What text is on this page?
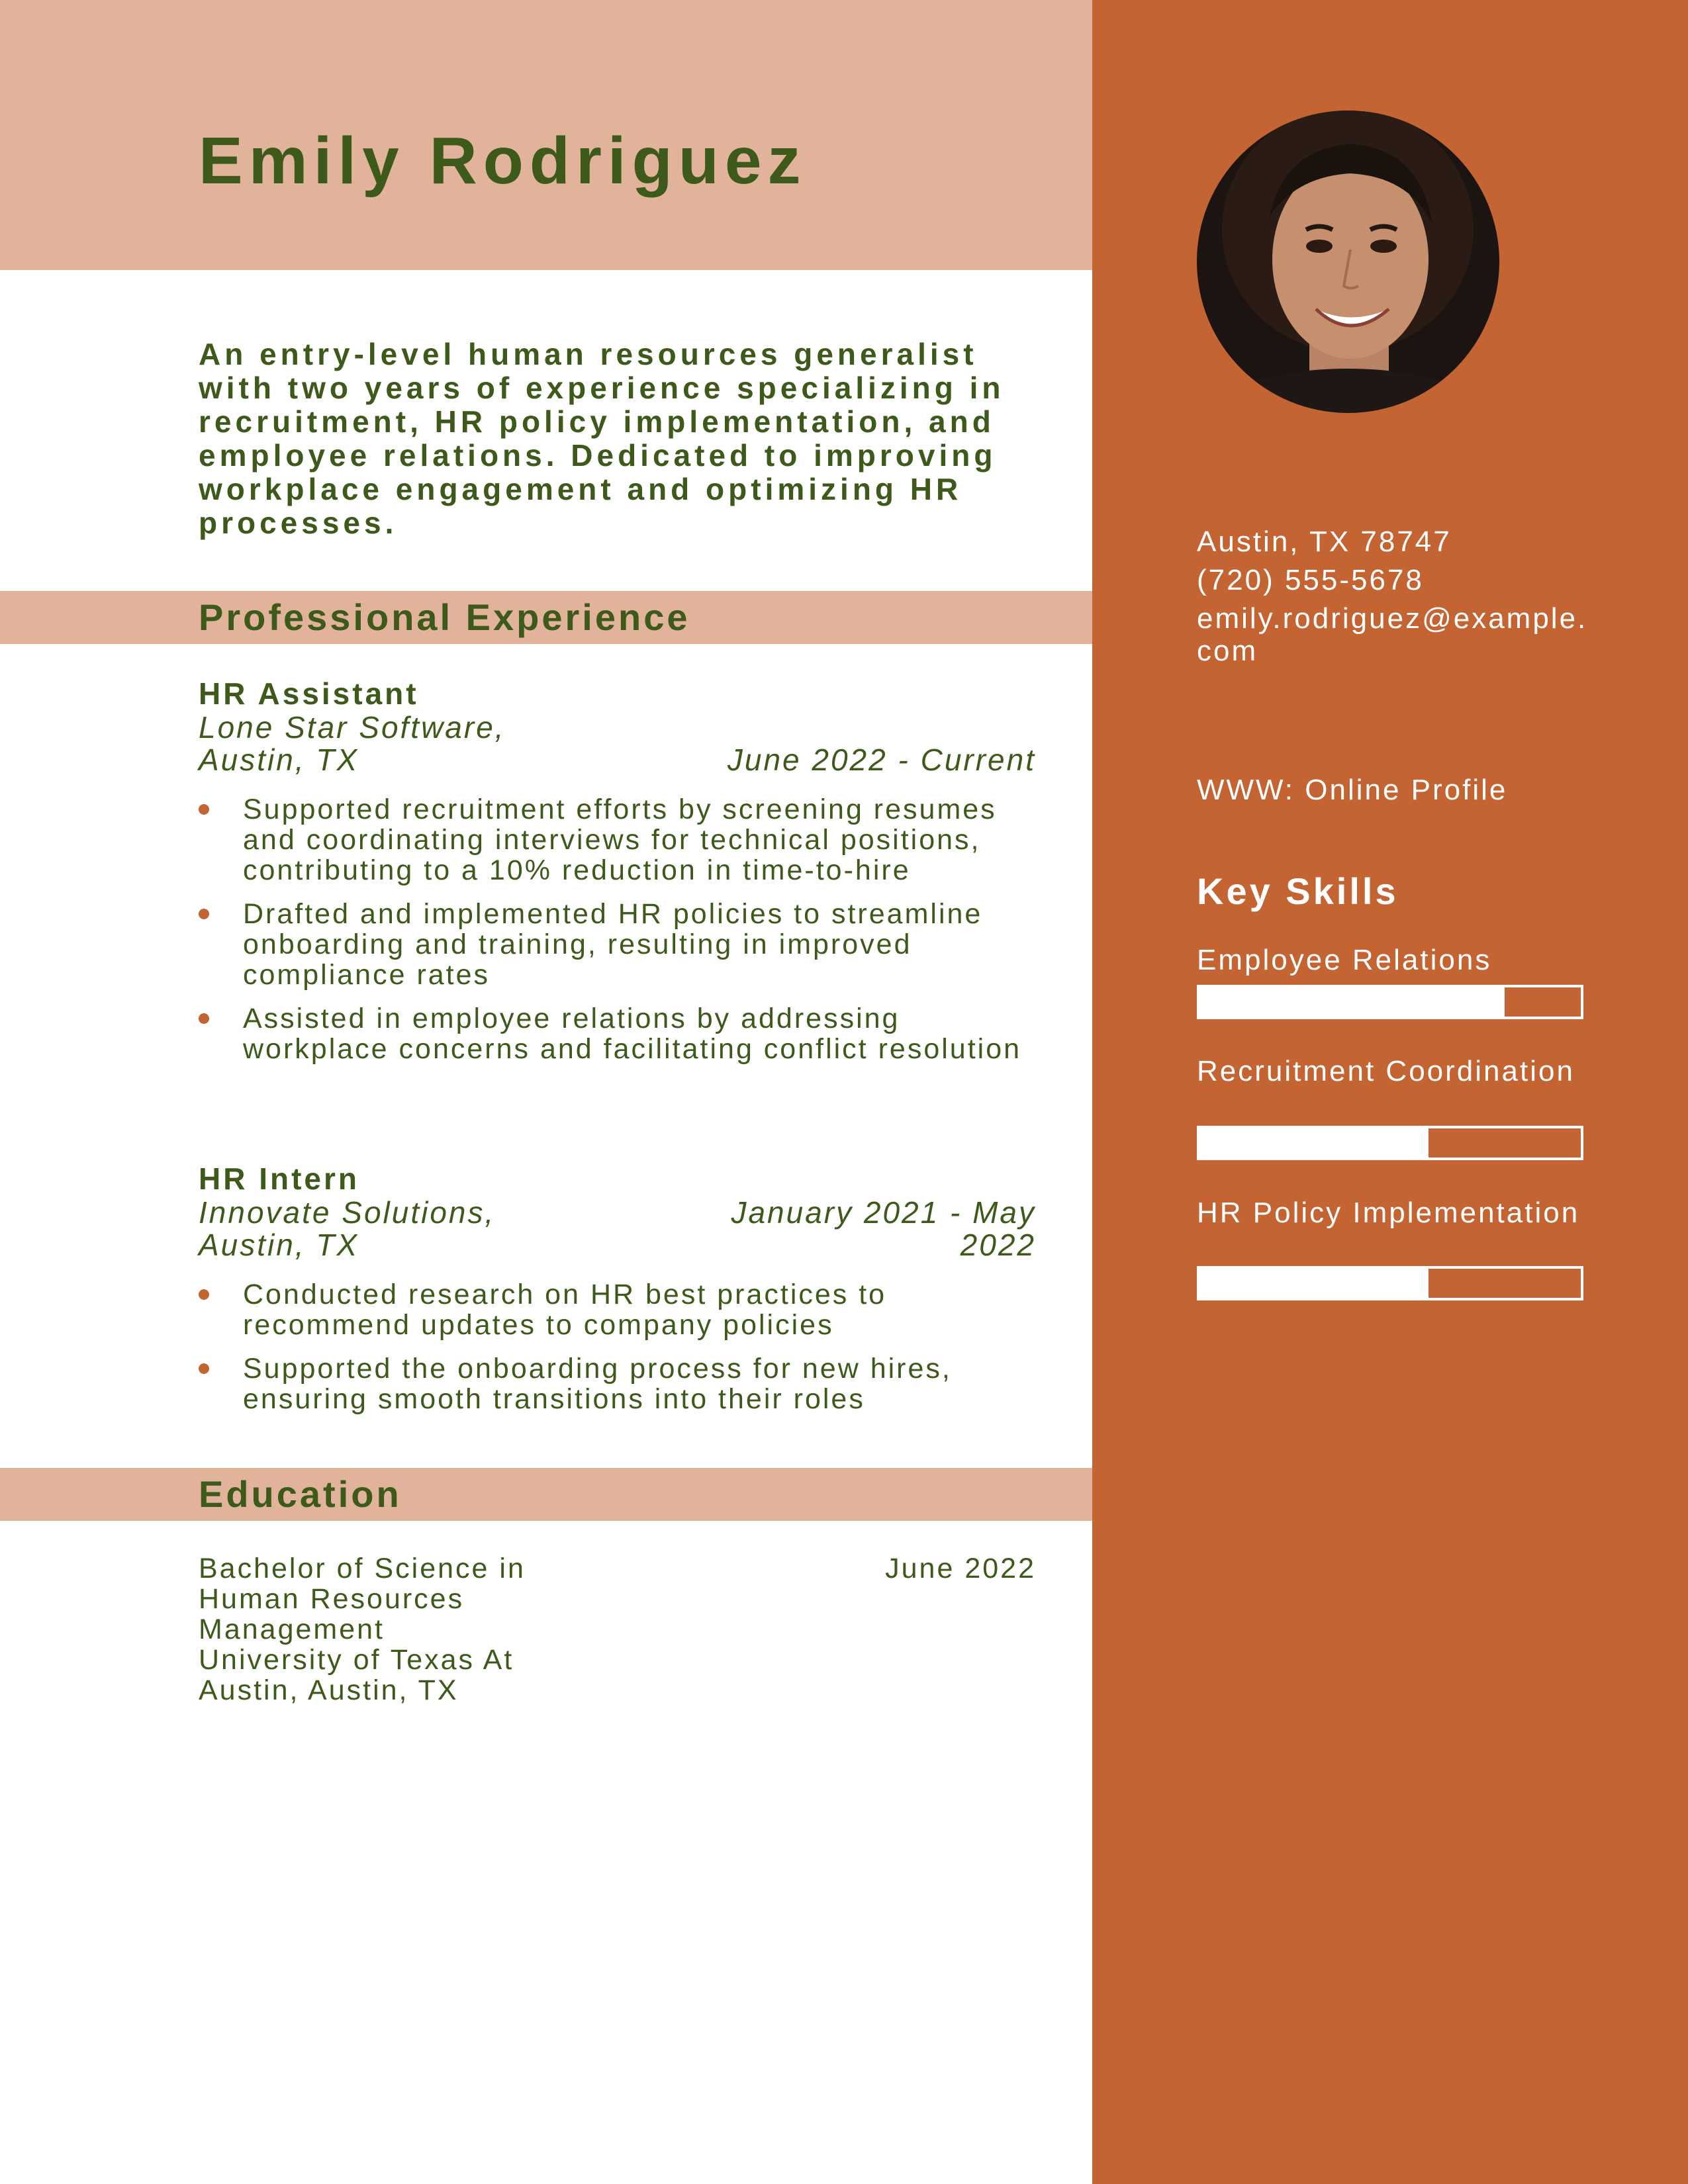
Emily Rodriguez

An entry-level human resources generalist with two years of experience specializing in recruitment, HR policy implementation, and employee relations. Dedicated to improving workplace engagement and optimizing HR processes.

Professional Experience
HR Assistant

Lone Star Software,
Austin, TX	June 2022 - Current

Supported recruitment efforts by screening resumes and coordinating interviews for technical positions, contributing to a 10% reduction in time-to-hire
Drafted and implemented HR policies to streamline onboarding and training, resulting in improved compliance rates
Assisted in employee relations by addressing workplace concerns and facilitating conflict resolution
HR Intern

Innovate Solutions,
Austin, TX

January 2021 - May 2022

Conducted research on HR best practices to recommend updates to company policies
Supported the onboarding process for new hires, ensuring smooth transitions into their roles
Education

Bachelor of Science in Human Resources Management
University of Texas At Austin, Austin, TX

June 2022

Austin, TX 78747

(720) 555-5678

emily.rodriguez@example.com

WWW: Online Profile

Key Skills

Employee Relations

Recruitment Coordination

HR Policy Implementation
